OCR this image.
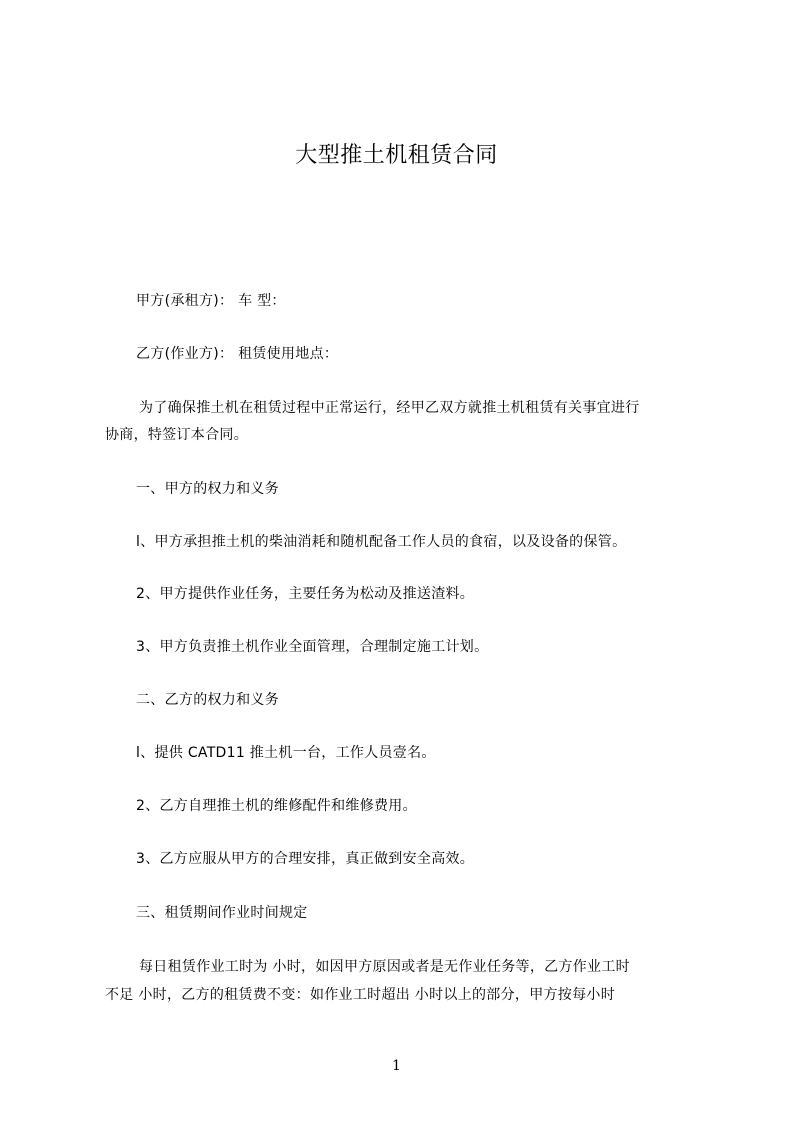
大型推土机租赁合同
甲方(承租方)： 车 型：
乙方(作业方)： 租赁使用地点：
为了确保推土机在租赁过程中正常运行，经甲乙双方就推土机租赁有关事宜进行
协商，特签订本合同。
一、甲方的权力和义务
l、甲方承担推土机的柴油消耗和随机配备工作人员的食宿，以及设备的保管。
2、甲方提供作业任务，主要任务为松动及推送渣料。
3、甲方负责推土机作业全面管理，合理制定施工计划。
二、乙方的权力和义务
l、提供 CATD11 推土机一台，工作人员壹名。
2、乙方自理推土机的维修配件和维修费用。
3、乙方应服从甲方的合理安排，真正做到安全高效。
三、租赁期间作业时间规定
每日租赁作业工时为 小时，如因甲方原因或者是无作业任务等，乙方作业工时
不足 小时，乙方的租赁费不变：如作业工时超出 小时以上的部分，甲方按每小时
1
